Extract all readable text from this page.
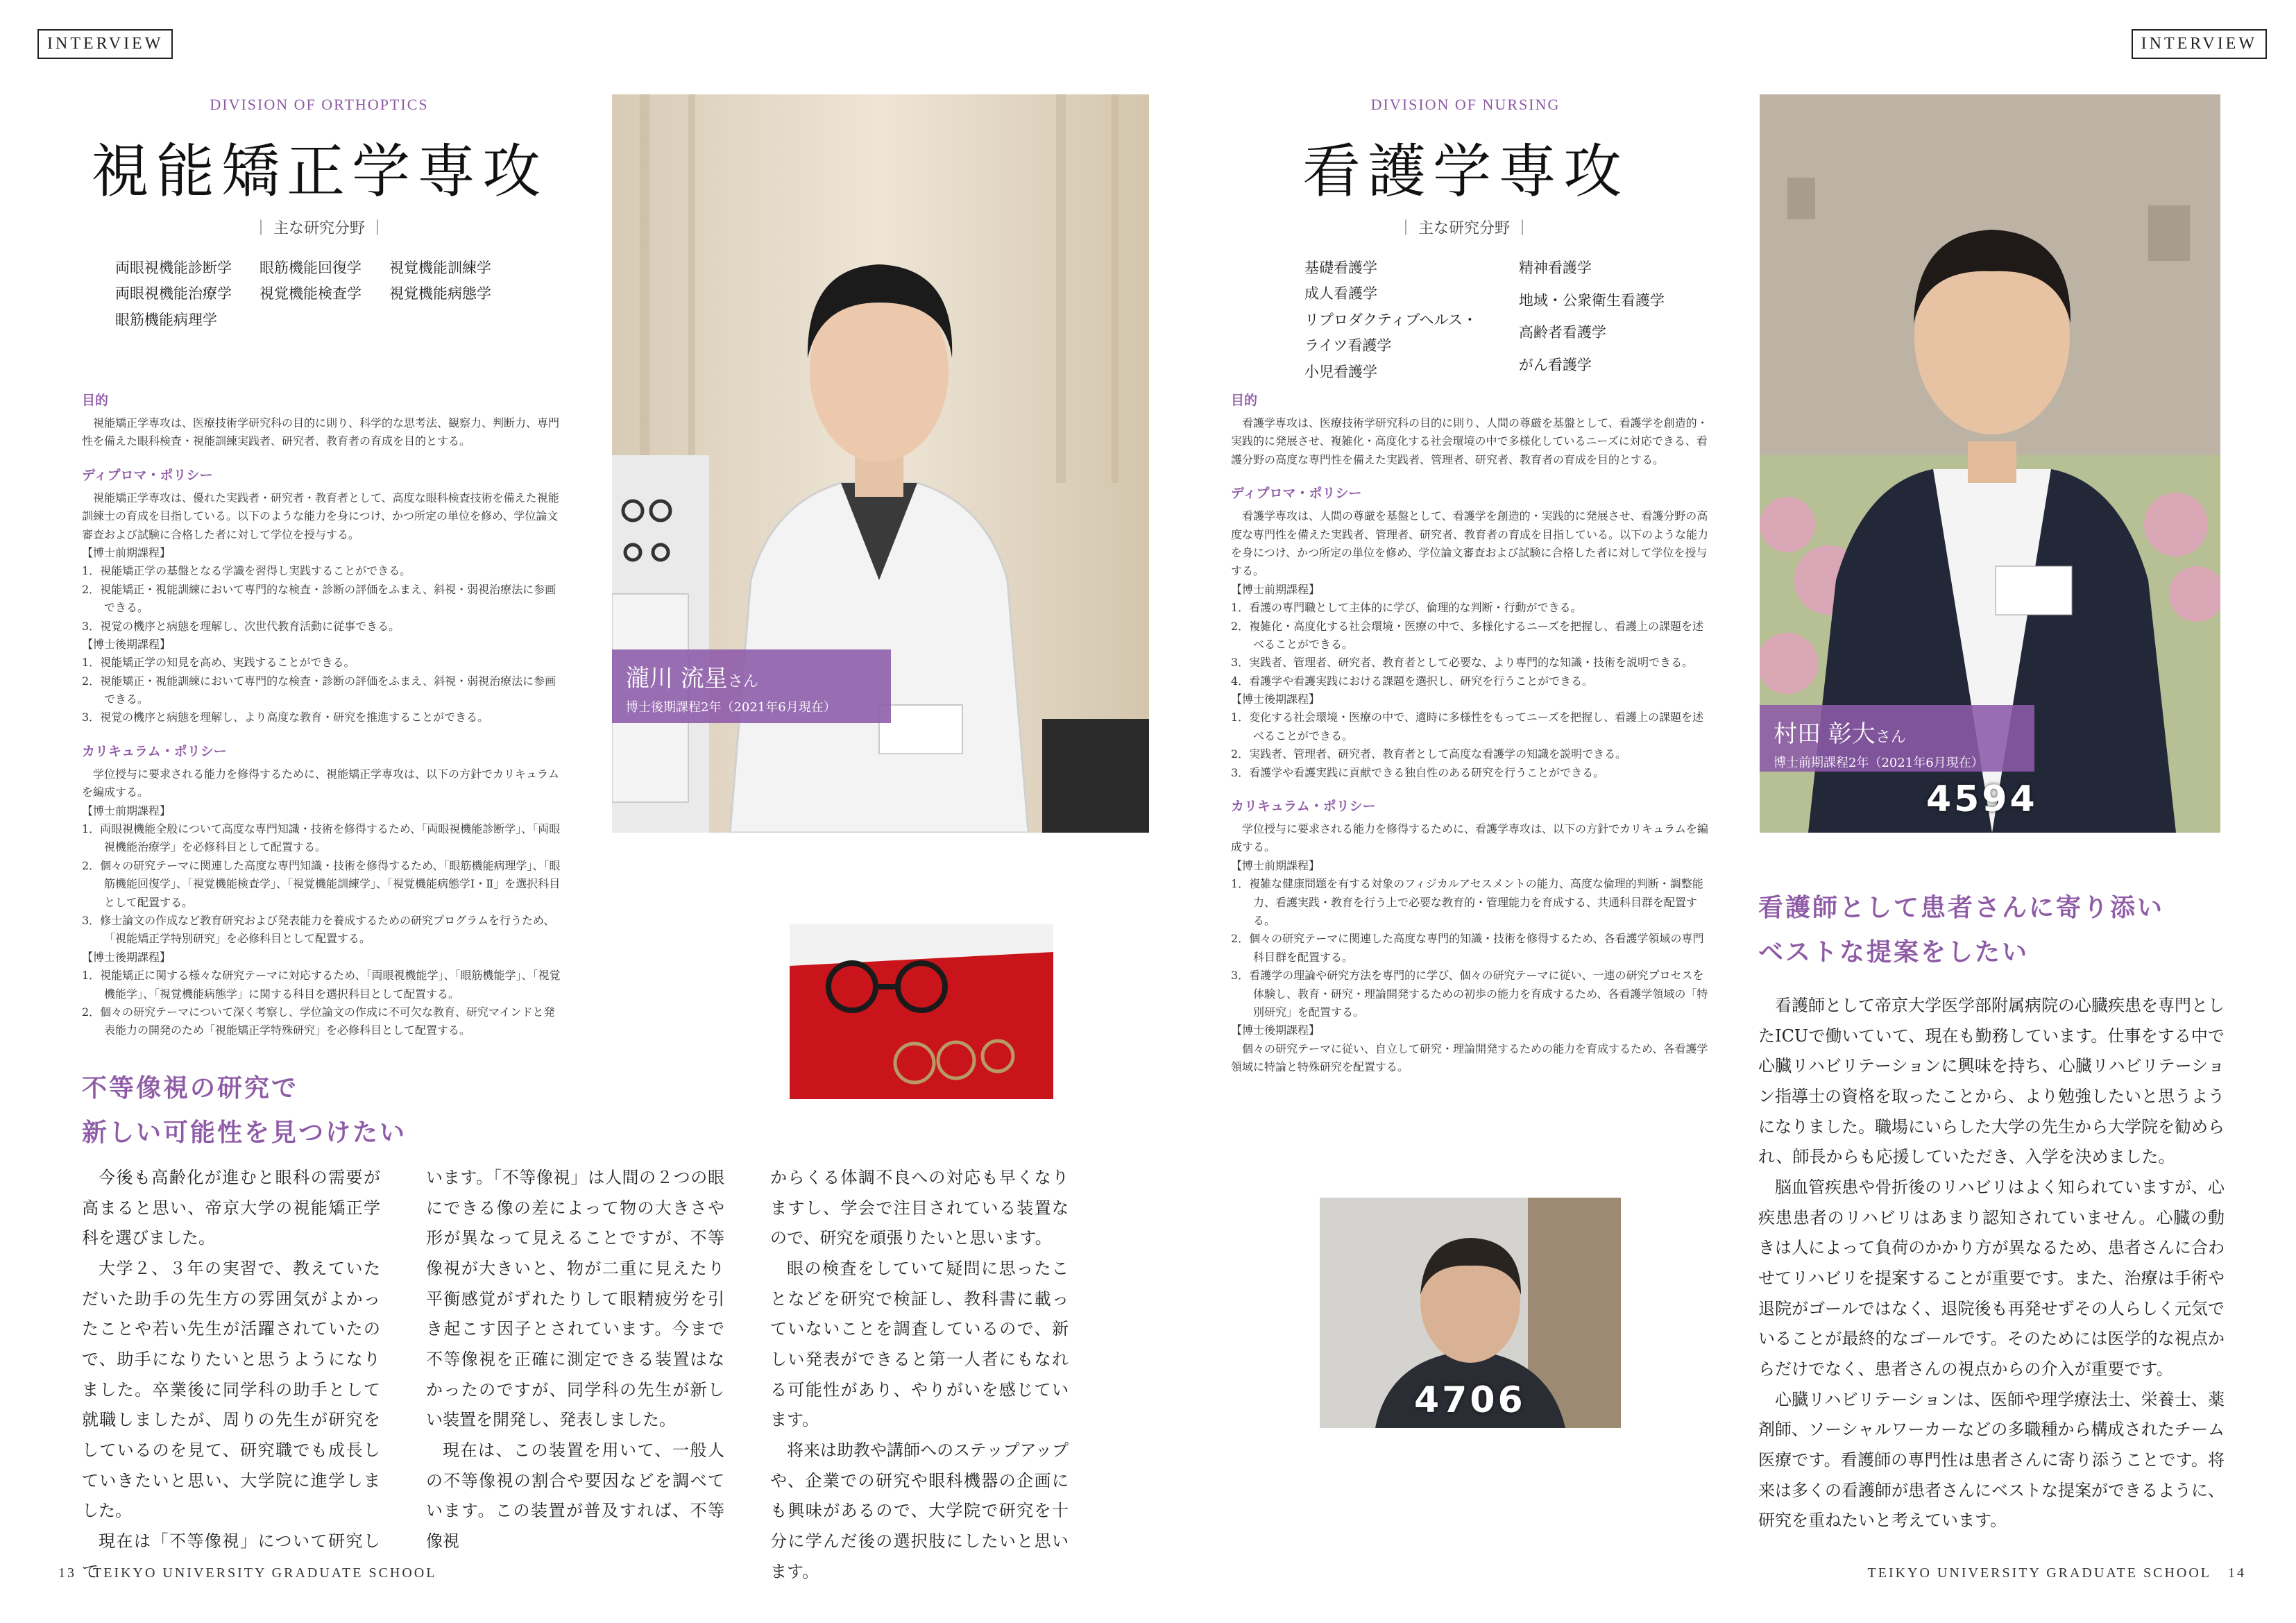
INTERVIEW
DIVISION OF ORTHOPTICS
視能矯正学専攻
｜ 主な研究分野 ｜
両眼視機能診断学 眼筋機能回復学 視覚機能訓練学
両眼視機能治療学 視覚機能検査学 視覚機能病態学
眼筋機能病理学
目的
視能矯正学専攻は、医療技術学研究科の目的に則り、科学的な思考法、観察力、判断力、専門性を備えた眼科検査・視能訓練実践者、研究者、教育者の育成を目的とする。
ディプロマ・ポリシー
視能矯正学専攻は、優れた実践者・研究者・教育者として、高度な眼科検査技術を備えた視能訓練士の育成を目指している。以下のような能力を身につけ、かつ所定の単位を修め、学位論文審査および試験に合格した者に対して学位を授与する。
【博士前期課程】
1．視能矯正学の基盤となる学識を習得し実践することができる。
2．視能矯正・視能訓練において専門的な検査・診断の評価をふまえ、斜視・弱視治療法に参画できる。
3．視覚の機序と病態を理解し、次世代教育活動に従事できる。
【博士後期課程】
1．視能矯正学の知見を高め、実践することができる。
2．視能矯正・視能訓練において専門的な検査・診断の評価をふまえ、斜視・弱視治療法に参画できる。
3．視覚の機序と病態を理解し、より高度な教育・研究を推進することができる。
カリキュラム・ポリシー
学位授与に要求される能力を修得するために、視能矯正学専攻は、以下の方針でカリキュラムを編成する。
【博士前期課程】
1．両眼視機能全般について高度な専門知識・技術を修得するため、「両眼視機能診断学」、「両眼視機能治療学」を必修科目として配置する。
2．個々の研究テーマに関連した高度な専門知識・技術を修得するため、「眼筋機能病理学」、「眼筋機能回復学」、「視覚機能検査学」、「視覚機能訓練学」、「視覚機能病態学Ⅰ・Ⅱ」を選択科目として配置する。
3．修士論文の作成など教育研究および発表能力を養成するための研究プログラムを行うため、「視能矯正学特別研究」を必修科目として配置する。
【博士後期課程】
1．視能矯正に関する様々な研究テーマに対応するため、「両眼視機能学」、「眼筋機能学」、「視覚機能学」、「視覚機能病態学」に関する科目を選択科目として配置する。
2．個々の研究テーマについて深く考察し、学位論文の作成に不可欠な教育、研究マインドと発表能力の開発のため「視能矯正学特殊研究」を必修科目として配置する。
瀧川 流星さん
博士後期課程2年（2021年6月現在）
不等像視の研究で
新しい可能性を見つけたい

今後も高齢化が進むと眼科の需要が高まると思い、帝京大学の視能矯正学科を選びました。

大学２、３年の実習で、教えていただいた助手の先生方の雰囲気がよかったことや若い先生が活躍されていたので、助手になりたいと思うようになりました。卒業後に同学科の助手として就職しましたが、周りの先生が研究をしているのを見て、研究職でも成長していきたいと思い、大学院に進学しました。

現在は「不等像視」について研究して

います。「不等像視」は人間の２つの眼にできる像の差によって物の大きさや形が異なって見えることですが、不等像視が大きいと、物が二重に見えたり平衡感覚がずれたりして眼精疲労を引き起こす因子とされています。今まで不等像視を正確に測定できる装置はなかったのですが、同学科の先生が新しい装置を開発し、発表しました。

現在は、この装置を用いて、一般人の不等像視の割合や要因などを調べています。この装置が普及すれば、不等像視

からくる体調不良への対応も早くなりますし、学会で注目されている装置なので、研究を頑張りたいと思います。

眼の検査をしていて疑問に思ったことなどを研究で検証し、教科書に載っていないことを調査しているので、新しい発表ができると第一人者にもなれる可能性があり、やりがいを感じています。

将来は助教や講師へのステップアップや、企業での研究や眼科機器の企画にも興味があるので、大学院で研究を十分に学んだ後の選択肢にしたいと思います。

13 TEIKYO UNIVERSITY GRADUATE SCHOOL
INTERVIEW
DIVISION OF NURSING
看護学専攻
｜ 主な研究分野 ｜
基礎看護学
成人看護学
リプロダクティブヘルス・
ライツ看護学
小児看護学
精神看護学
地域・公衆衛生看護学
高齢者看護学
がん看護学
目的
看護学専攻は、医療技術学研究科の目的に則り、人間の尊厳を基盤として、看護学を創造的・実践的に発展させ、複雑化・高度化する社会環境の中で多様化しているニーズに対応できる、看護分野の高度な専門性を備えた実践者、管理者、研究者、教育者の育成を目的とする。
ディプロマ・ポリシー
看護学専攻は、人間の尊厳を基盤として、看護学を創造的・実践的に発展させ、看護分野の高度な専門性を備えた実践者、管理者、研究者、教育者の育成を目指している。以下のような能力を身につけ、かつ所定の単位を修め、学位論文審査および試験に合格した者に対して学位を授与する。
【博士前期課程】
1．看護の専門職として主体的に学び、倫理的な判断・行動ができる。
2．複雑化・高度化する社会環境・医療の中で、多様化するニーズを把握し、看護上の課題を述べることができる。
3．実践者、管理者、研究者、教育者として必要な、より専門的な知識・技術を説明できる。
4．看護学や看護実践における課題を選択し、研究を行うことができる。
【博士後期課程】
1．変化する社会環境・医療の中で、適時に多様性をもってニーズを把握し、看護上の課題を述べることができる。
2．実践者、管理者、研究者、教育者として高度な看護学の知識を説明できる。
3．看護学や看護実践に貢献できる独自性のある研究を行うことができる。
カリキュラム・ポリシー
学位授与に要求される能力を修得するために、看護学専攻は、以下の方針でカリキュラムを編成する。
【博士前期課程】
1．複雑な健康問題を有する対象のフィジカルアセスメントの能力、高度な倫理的判断・調整能力、看護実践・教育を行う上で必要な教育的・管理能力を育成する、共通科目群を配置する。
2．個々の研究テーマに関連した高度な専門的知識・技術を修得するため、各看護学領域の専門科目群を配置する。
3．看護学の理論や研究方法を専門的に学び、個々の研究テーマに従い、一連の研究プロセスを体験し、教育・研究・理論開発するための初歩の能力を育成するため、各看護学領域の「特別研究」を配置する。
【博士後期課程】
個々の研究テーマに従い、自立して研究・理論開発するための能力を育成するため、各看護学領域に特論と特殊研究を配置する。
村田 彰大さん
博士前期課程2年（2021年6月現在）
4594
4706
看護師として患者さんに寄り添い
ベストな提案をしたい

看護師として帝京大学医学部附属病院の心臓疾患を専門としたICUで働いていて、現在も勤務しています。仕事をする中で心臓リハビリテーションに興味を持ち、心臓リハビリテーション指導士の資格を取ったことから、より勉強したいと思うようになりました。職場にいらした大学の先生から大学院を勧められ、師長からも応援していただき、入学を決めました。

脳血管疾患や骨折後のリハビリはよく知られていますが、心疾患患者のリハビリはあまり認知されていません。心臓の動きは人によって負荷のかかり方が異なるため、患者さんに合わせてリハビリを提案することが重要です。また、治療は手術や退院がゴールではなく、退院後も再発せずその人らしく元気でいることが最終的なゴールです。そのためには医学的な視点からだけでなく、患者さんの視点からの介入が重要です。

心臓リハビリテーションは、医師や理学療法士、栄養士、薬剤師、ソーシャルワーカーなどの多職種から構成されたチーム医療です。看護師の専門性は患者さんに寄り添うことです。将来は多くの看護師が患者さんにベストな提案ができるように、研究を重ねたいと考えています。

TEIKYO UNIVERSITY GRADUATE SCHOOL 14
